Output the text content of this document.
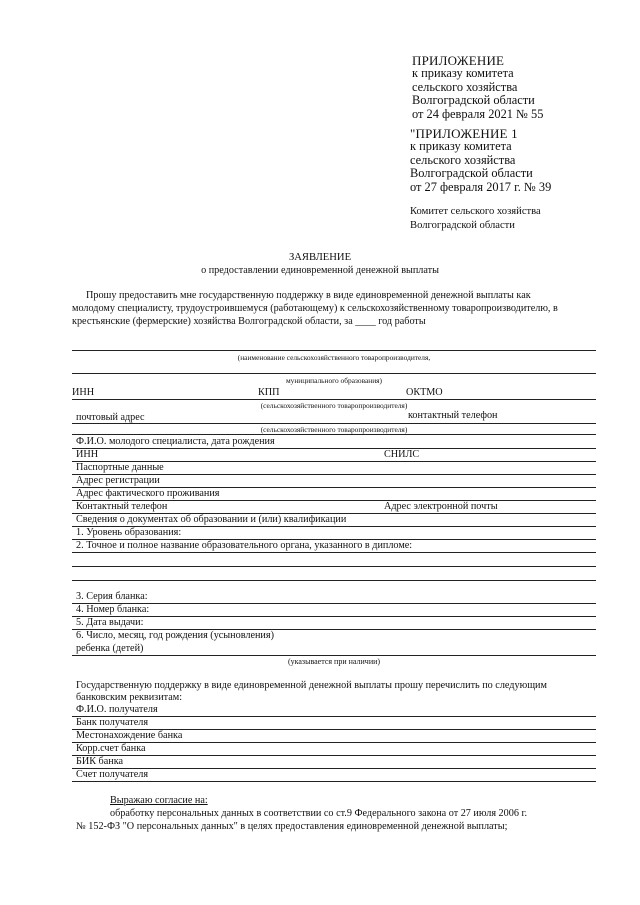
ПРИЛОЖЕНИЕ
к приказу комитета
сельского хозяйства
Волгоградской области
от 24 февраля 2021 № 55
"ПРИЛОЖЕНИЕ 1
к приказу комитета
сельского хозяйства
Волгоградской области
от 27 февраля 2017 г. № 39
Комитет сельского хозяйства
Волгоградской области
ЗАЯВЛЕНИЕ
о предоставлении единовременной денежной выплаты
Прошу предоставить мне государственную поддержку в виде единовременной денежной выплаты как
молодому специалисту, трудоустроившемуся (работающему) к сельскохозяйственному товаропроизводителю, в
крестьянские (фермерские) хозяйства Волгоградской области, за ____ год работы
(наименование сельскохозяйственного товаропроизводителя,
муниципального образования)
ИНН	КПП	ОКТМО
(сельскохозяйственного товаропроизводителя)
почтовый адрес	контактный телефон
(сельскохозяйственного товаропроизводителя)
Ф.И.О. молодого специалиста, дата рождения
ИНН	СНИЛС
Паспортные данные
Адрес регистрации
Адрес фактического проживания
Контактный телефон	Адрес электронной почты
Сведения о документах об образовании и (или) квалификации
1. Уровень образования:
2. Точное и полное название образовательного органа, указанного в дипломе:
3. Серия бланка:
4. Номер бланка:
5. Дата выдачи:
6. Число, месяц, год рождения (усыновления)
ребенка (детей)
(указывается при наличии)
Государственную поддержку в виде единовременной денежной выплаты прошу перечислить по следующим
банковским реквизитам:
Ф.И.О. получателя
Банк получателя
Местонахождение банка
Корр.счет банка
БИК банка
Счет получателя
Выражаю согласие на:
обработку персональных данных в соответствии со ст.9 Федерального закона от 27 июля 2006 г.
№ 152-ФЗ "О персональных данных" в целях предоставления единовременной денежной выплаты;
